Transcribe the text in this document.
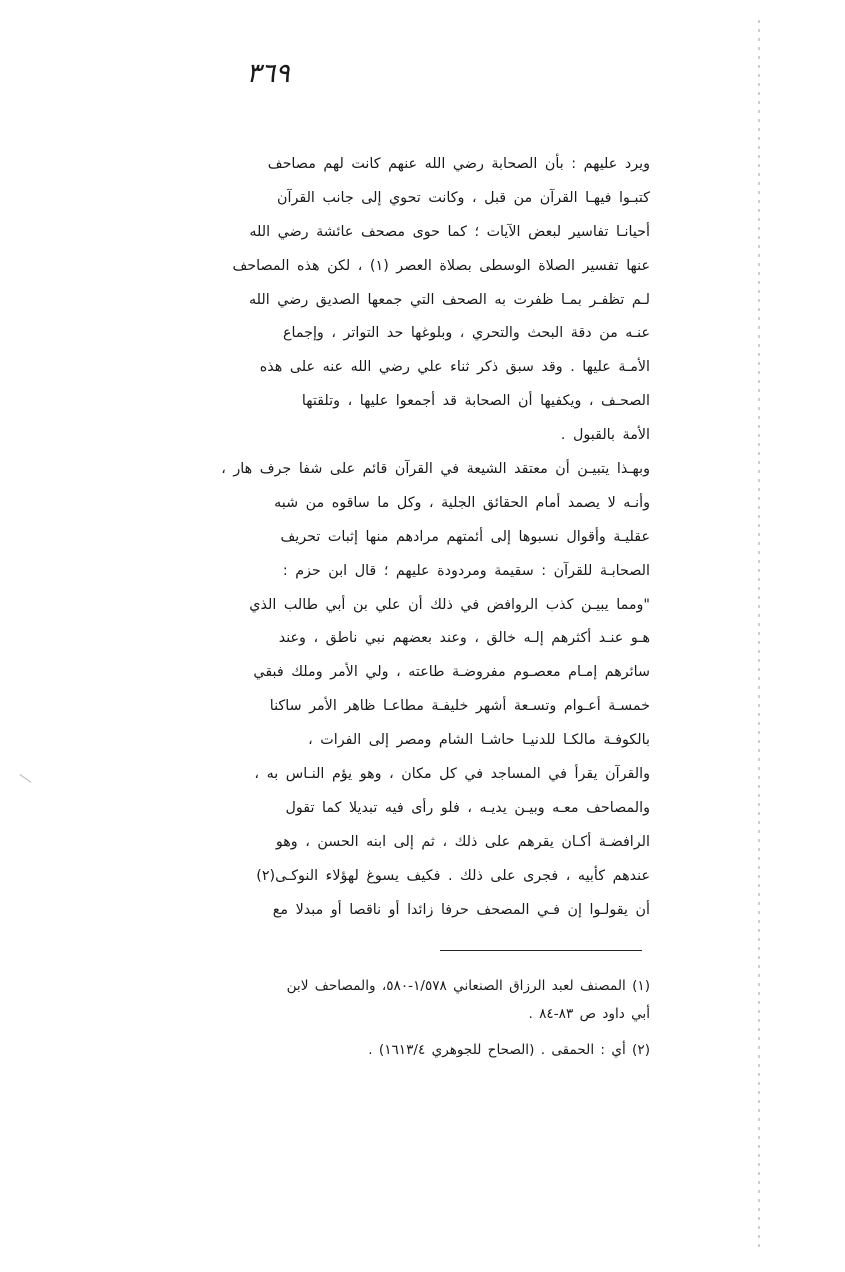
٣٦٩
ويرد عليهم : بأن الصحابة رضي الله عنهم كانت لهم مصاحف
كتبـوا فيهـا القرآن من قبل ، وكانت تحوي إلى جانب القرآن
أحيانـا تفاسير لبعض الآيات ؛ كما حوى مصحف عائشة رضي الله
عنها تفسير الصلاة الوسطى بصلاة العصر (١) ، لكن هذه المصاحف
لـم تظفـر بمـا ظفرت به الصحف التي جمعها الصديق رضي الله
عنـه من دقة البحث والتحري ، وبلوغها حد التواتر ، وإجماع
الأمـة عليها . وقد سبق ذكر ثناء علي رضي الله عنه على هذه
الصحـف ، ويكفيها أن الصحابة قد أجمعوا عليها ، وتلقتها
الأمة بالقبول .
وبهـذا يتبيـن أن معتقد الشيعة في القرآن قائم على شفا جرف هار ،
وأنـه لا يصمد أمام الحقائق الجلية ، وكل ما ساقوه من شبه
عقليـة وأقوال نسبوها إلى أئمتهم مرادهم منها إثبات تحريف
الصحابـة للقرآن : سقيمة ومردودة عليهم ؛ قال ابن حزم :
"ومما يبيـن كذب الروافض في ذلك أن علي بن أبي طالب الذي
هـو عنـد أكثرهم إلـه خالق ، وعند بعضهم نبي ناطق ، وعند
سائرهم إمـام معصـوم مفروضـة طاعته ، ولي الأمر وملك فبقي
خمسـة أعـوام وتسـعة أشهر خليفـة مطاعـا ظاهر الأمر ساكنا
بالكوفـة مالكـا للدنيـا حاشـا الشام ومصر إلى الفرات ،
والقرآن يقرأ في المساجد في كل مكان ، وهو يؤم النـاس به ،
والمصاحف معـه وبيـن يديـه ، فلو رأى فيه تبديلا كما تقول
الرافضـة أكـان يقرهم على ذلك ، ثم إلى ابنه الحسن ، وهو
عندهم كأبيه ، فجرى على ذلك . فكيف يسوغ لهؤلاء النوكـى(٢)
أن يقولـوا إن فـي المصحف حرفا زائدا أو ناقصا أو مبدلا مع
(١) المصنف لعبد الرزاق الصنعاني ١/٥٧٨-٥٨٠، والمصاحف لابن
أبي داود ص ٨٣-٨٤ .
(٢) أي : الحمقى . (الصحاح للجوهري ١٦١٣/٤) .
